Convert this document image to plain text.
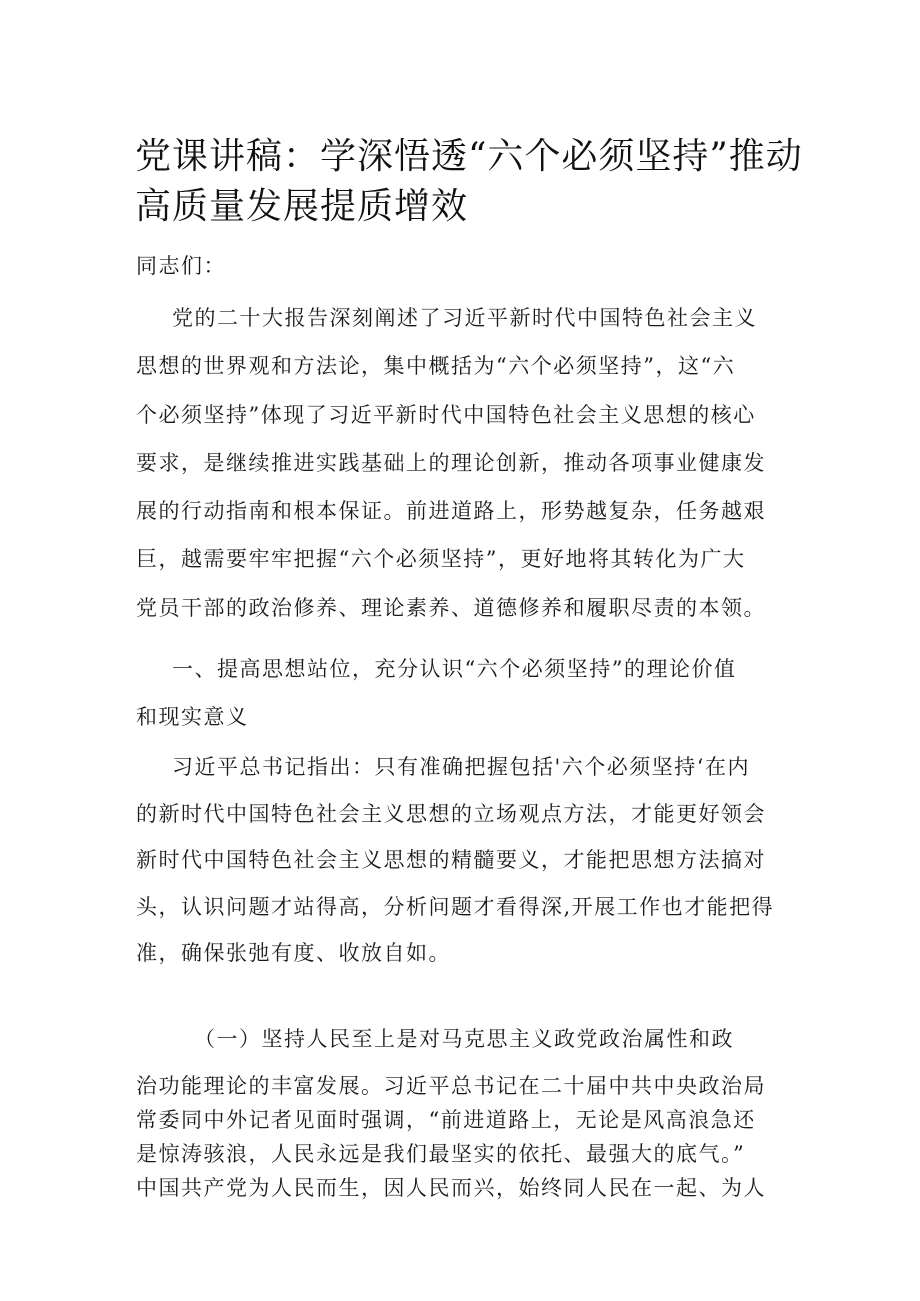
党课讲稿：学深悟透“六个必须坚持”推动
高质量发展提质增效

同志们：

党的二十大报告深刻阐述了习近平新时代中国特色社会主义
思想的世界观和方法论，集中概括为“六个必须坚持”，这“六
个必须坚持”体现了习近平新时代中国特色社会主义思想的核心
要求，是继续推进实践基础上的理论创新，推动各项事业健康发
展的行动指南和根本保证。前进道路上，形势越复杂，任务越艰
巨，越需要牢牢把握“六个必须坚持”，更好地将其转化为广大
党员干部的政治修养、理论素养、道德修养和履职尽责的本领。
一、提高思想站位，充分认识“六个必须坚持”的理论价值
和现实意义
习近平总书记指出：只有准确把握包括'六个必须坚持‘在内
的新时代中国特色社会主义思想的立场观点方法，才能更好领会
新时代中国特色社会主义思想的精髓要义，才能把思想方法搞对
头，认识问题才站得高，分析问题才看得深,开展工作也才能把得
准，确保张弛有度、收放自如。

（一）坚持人民至上是对马克思主义政党政治属性和政

治功能理论的丰富发展。习近平总书记在二十届中共中央政治局
常委同中外记者见面时强调，“前进道路上，无论是风高浪急还
是惊涛骇浪，人民永远是我们最坚实的依托、最强大的底气。”
中国共产党为人民而生，因人民而兴，始终同人民在一起、为人
